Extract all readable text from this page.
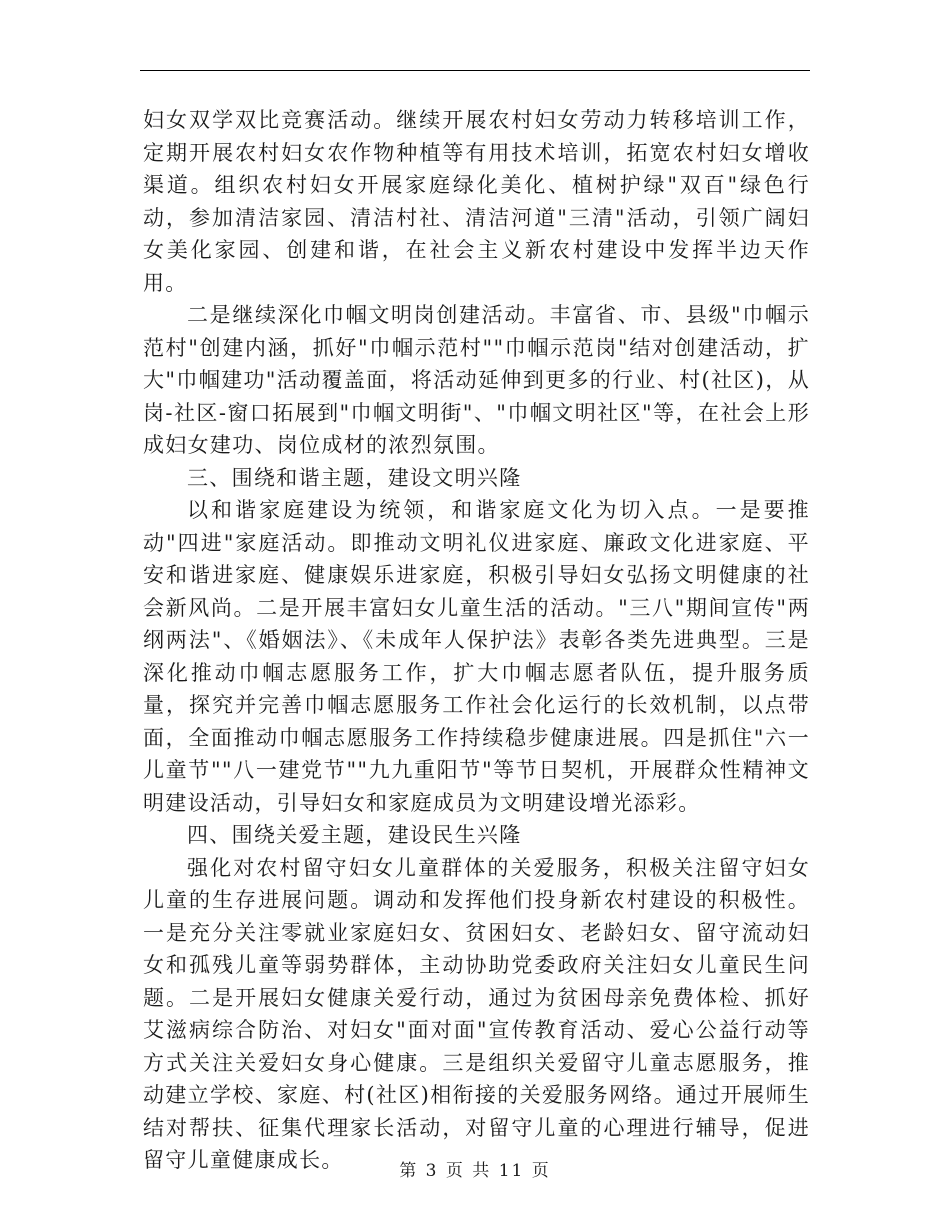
妇女双学双比竞赛活动。继续开展农村妇女劳动力转移培训工作，定期开展农村妇女农作物种植等有用技术培训，拓宽农村妇女增收渠道。组织农村妇女开展家庭绿化美化、植树护绿"双百"绿色行动，参加清洁家园、清洁村社、清洁河道"三清"活动，引领广阔妇女美化家园、创建和谐，在社会主义新农村建设中发挥半边天作用。

二是继续深化巾帼文明岗创建活动。丰富省、市、县级"巾帼示范村"创建内涵，抓好"巾帼示范村""巾帼示范岗"结对创建活动，扩大"巾帼建功"活动覆盖面，将活动延伸到更多的行业、村(社区)，从岗-社区-窗口拓展到"巾帼文明街"、"巾帼文明社区"等，在社会上形成妇女建功、岗位成材的浓烈氛围。

三、围绕和谐主题，建设文明兴隆

以和谐家庭建设为统领，和谐家庭文化为切入点。一是要推动"四进"家庭活动。即推动文明礼仪进家庭、廉政文化进家庭、平安和谐进家庭、健康娱乐进家庭，积极引导妇女弘扬文明健康的社会新风尚。二是开展丰富妇女儿童生活的活动。"三八"期间宣传"两纲两法"、《婚姻法》、《未成年人保护法》表彰各类先进典型。三是深化推动巾帼志愿服务工作，扩大巾帼志愿者队伍，提升服务质量，探究并完善巾帼志愿服务工作社会化运行的长效机制，以点带面，全面推动巾帼志愿服务工作持续稳步健康进展。四是抓住"六一儿童节""八一建党节""九九重阳节"等节日契机，开展群众性精神文明建设活动，引导妇女和家庭成员为文明建设增光添彩。

四、围绕关爱主题，建设民生兴隆

强化对农村留守妇女儿童群体的关爱服务，积极关注留守妇女儿童的生存进展问题。调动和发挥他们投身新农村建设的积极性。一是充分关注零就业家庭妇女、贫困妇女、老龄妇女、留守流动妇女和孤残儿童等弱势群体，主动协助党委政府关注妇女儿童民生问题。二是开展妇女健康关爱行动，通过为贫困母亲免费体检、抓好艾滋病综合防治、对妇女"面对面"宣传教育活动、爱心公益行动等方式关注关爱妇女身心健康。三是组织关爱留守儿童志愿服务，推动建立学校、家庭、村(社区)相衔接的关爱服务网络。通过开展师生结对帮扶、征集代理家长活动，对留守儿童的心理进行辅导，促进留守儿童健康成长。	第 3 页 共 11 页
